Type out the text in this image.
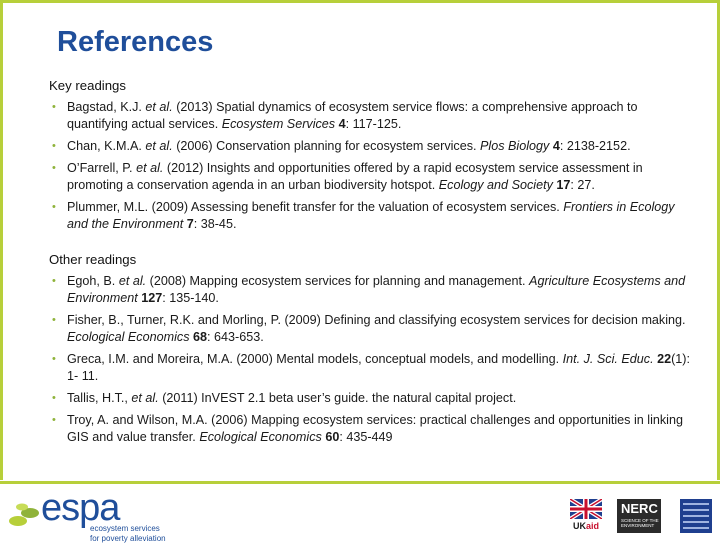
References
Key readings
• Bagstad, K.J. et al. (2013) Spatial dynamics of ecosystem service flows: a comprehensive approach to quantifying actual services. Ecosystem Services 4: 117-125.
• Chan, K.M.A. et al. (2006) Conservation planning for ecosystem services. Plos Biology 4: 2138-2152.
• O’Farrell, P. et al. (2012) Insights and opportunities offered by a rapid ecosystem service assessment in promoting a conservation agenda in an urban biodiversity hotspot. Ecology and Society 17: 27.
• Plummer, M.L. (2009) Assessing benefit transfer for the valuation of ecosystem services. Frontiers in Ecology and the Environment 7: 38-45.
Other readings
• Egoh, B. et al. (2008) Mapping ecosystem services for planning and management. Agriculture Ecosystems and Environment 127: 135-140.
• Fisher, B., Turner, R.K. and Morling, P. (2009) Defining and classifying ecosystem services for decision making. Ecological Economics 68: 643-653.
• Greca, I.M. and Moreira, M.A. (2000) Mental models, conceptual models, and modelling. Int. J. Sci. Educ. 22(1): 1- 11.
• Tallis, H.T., et al. (2011) InVEST 2.1 beta user’s guide. the natural capital project.
• Troy, A. and Wilson, M.A. (2006) Mapping ecosystem services: practical challenges and opportunities in linking GIS and value transfer. Ecological Economics 60: 435-449
espa
ecosystem services
for poverty alleviation
UKaid
NERC
SCIENCE OF THE ENVIRONMENT
